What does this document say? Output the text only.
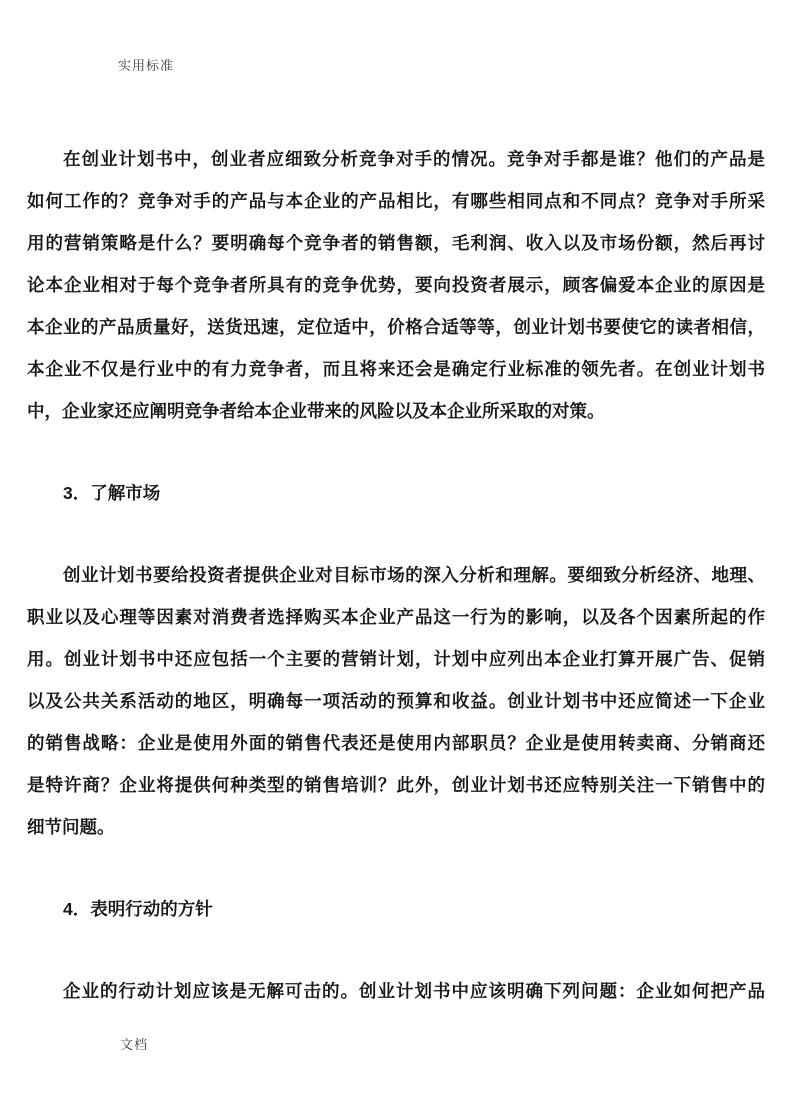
实用标准
在创业计划书中，创业者应细致分析竞争对手的情况。竞争对手都是谁？他们的产品是
如何工作的？竞争对手的产品与本企业的产品相比，有哪些相同点和不同点？竞争对手所采
用的营销策略是什么？要明确每个竞争者的销售额，毛利润、收入以及市场份额，然后再讨
论本企业相对于每个竞争者所具有的竞争优势，要向投资者展示，顾客偏爱本企业的原因是
本企业的产品质量好，送货迅速，定位适中，价格合适等等，创业计划书要使它的读者相信，
本企业不仅是行业中的有力竞争者，而且将来还会是确定行业标准的领先者。在创业计划书
中，企业家还应阐明竞争者给本企业带来的风险以及本企业所采取的对策。
3．了解市场
创业计划书要给投资者提供企业对目标市场的深入分析和理解。要细致分析经济、地理、
职业以及心理等因素对消费者选择购买本企业产品这一行为的影响，以及各个因素所起的作
用。创业计划书中还应包括一个主要的营销计划，计划中应列出本企业打算开展广告、促销
以及公共关系活动的地区，明确每一项活动的预算和收益。创业计划书中还应简述一下企业
的销售战略：企业是使用外面的销售代表还是使用内部职员？企业是使用转卖商、分销商还
是特许商？企业将提供何种类型的销售培训？此外，创业计划书还应特别关注一下销售中的
细节问题。
4．表明行动的方针
企业的行动计划应该是无解可击的。创业计划书中应该明确下列问题：企业如何把产品
文档
